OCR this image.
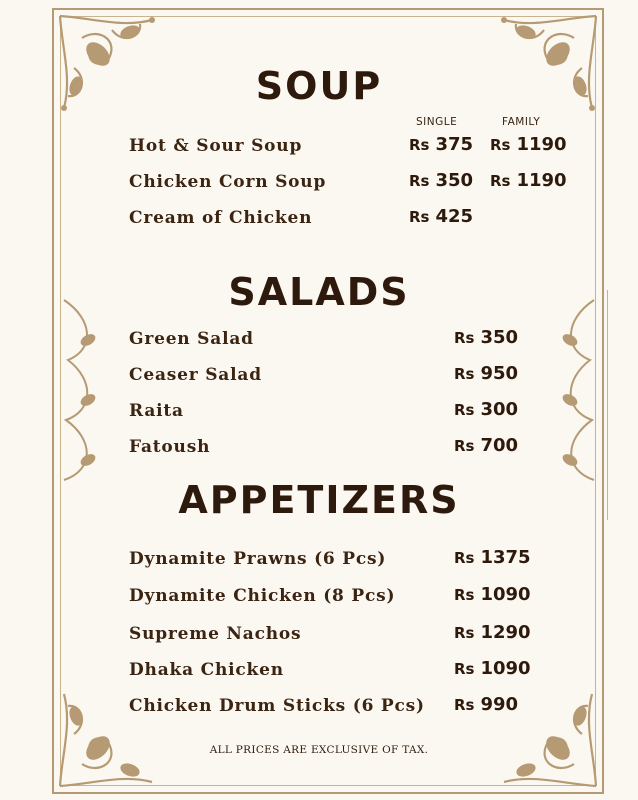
SOUP
SINGLE	FAMILY
Hot & Sour Soup	Rs 375 Rs 1190
Chicken Corn Soup	Rs 350 Rs 1190
Cream of Chicken	Rs 425
SALADS
Green Salad	Rs 350
Ceaser Salad	Rs 950
Raita	Rs 300
Fatoush	Rs 700
APPETIZERS
Dynamite Prawns (6 Pcs)	Rs 1375
Dynamite Chicken (8 Pcs)	Rs 1090
Supreme Nachos	Rs 1290
Dhaka Chicken	Rs 1090
Chicken Drum Sticks (6 Pcs) Rs 990
ALL PRICES ARE EXCLUSIVE OF TAX.
